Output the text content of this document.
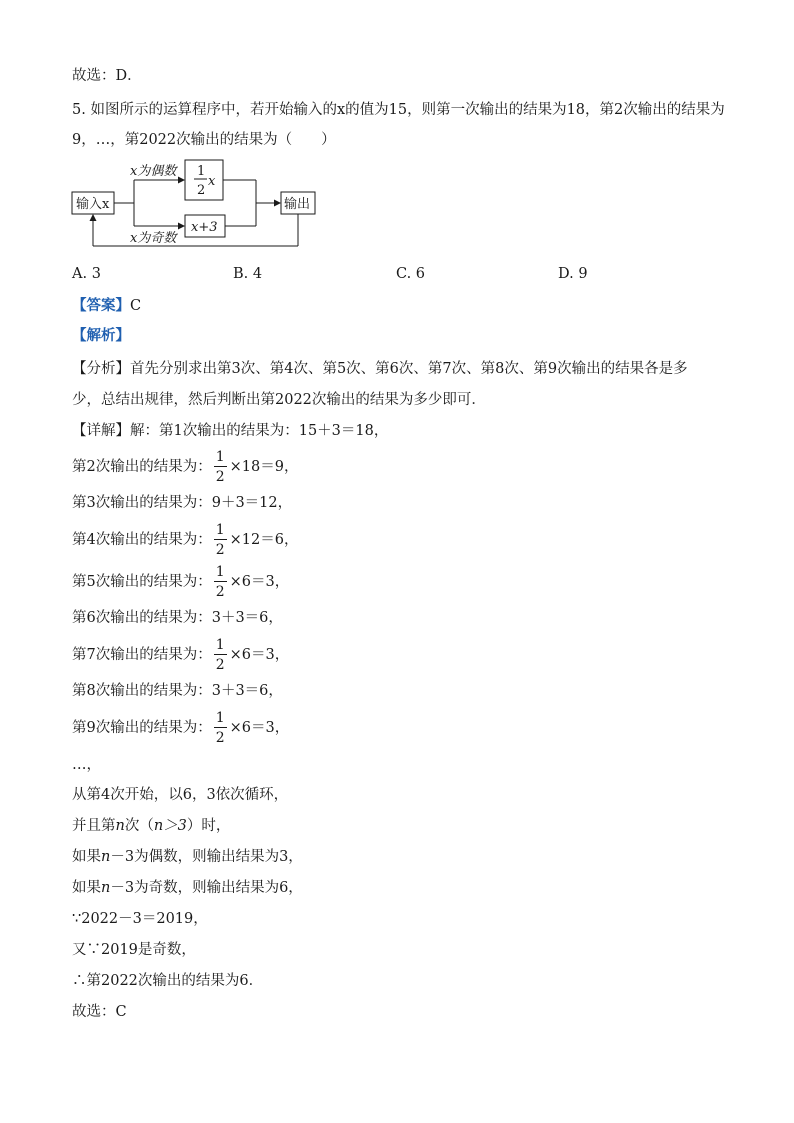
故选：D．
5. 如图所示的运算程序中，若开始输入的x的值为15，则第一次输出的结果为18，第2次输出的结果为
9，…，第2022次输出的结果为（　　）
输入x
x为偶数 1
2
x
x+3
输出
x为奇数
A. 3	B. 4	C. 6	D. 9
【答案】C
【解析】
【分析】首先分别求出第3次、第4次、第5次、第6次、第7次、第8次、第9次输出的结果各是多
少，总结出规律，然后判断出第2022次输出的结果为多少即可．
【详解】解：第1次输出的结果为：15＋3＝18，
第2次输出的结果为： $\frac{1}{2} \times 18=9$，
第3次输出的结果为：9＋3＝12，
第4次输出的结果为： $\frac{1}{2} \times 12=6$，
第5次输出的结果为： $\frac{1}{2} \times 6=3$，
第6次输出的结果为：3＋3＝6，
第7次输出的结果为： $\frac{1}{2} \times 6=3$，
第8次输出的结果为：3＋3＝6，
第9次输出的结果为： $\frac{1}{2} \times 6=3$，
…，
从第4次开始，以6，3依次循环，
并且第n次（n＞3）时，
如果n－3为偶数，则输出结果为3，
如果n－3为奇数，则输出结果为6，
∵2022－3＝2019，
又∵2019是奇数，
∴第2022次输出的结果为6．
故选：C
